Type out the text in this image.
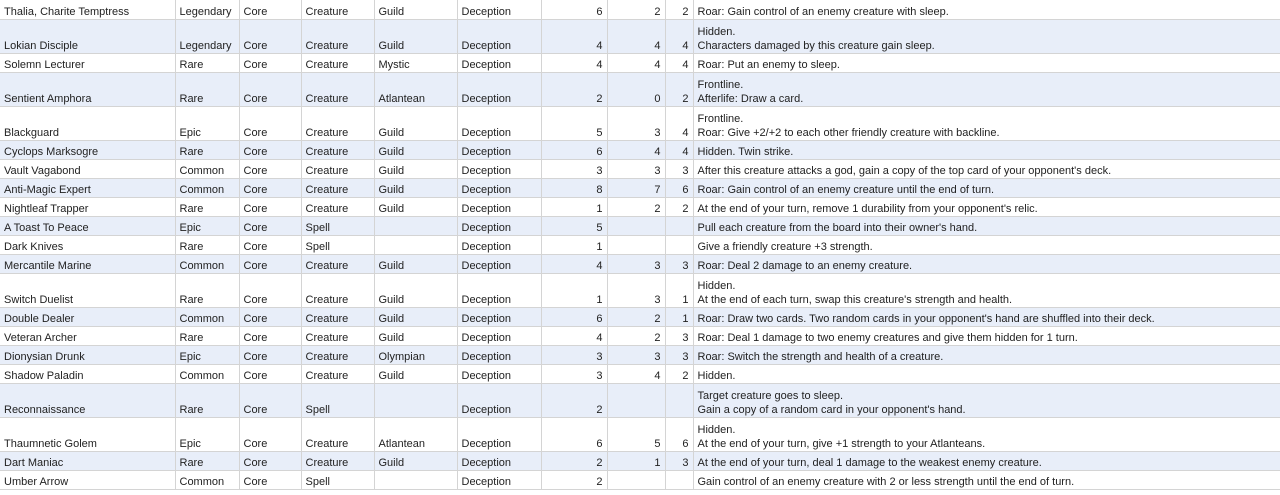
Thalia, Charite Temptress	Legendary	Core	Creature	Guild	Deception	6	2	2	Roar: Gain control of an enemy creature with sleep.
Lokian Disciple	Legendary	Core	Creature	Guild	Deception	4	4	4	Hidden.
Characters damaged by this creature gain sleep.
Solemn Lecturer	Rare	Core	Creature	Mystic	Deception	4	4	4	Roar: Put an enemy to sleep.
Sentient Amphora	Rare	Core	Creature	Atlantean	Deception	2	0	2	Frontline.
Afterlife: Draw a card.
Blackguard	Epic	Core	Creature	Guild	Deception	5	3	4	Frontline.
Roar: Give +2/+2 to each other friendly creature with backline.
Cyclops Marksogre	Rare	Core	Creature	Guild	Deception	6	4	4	Hidden. Twin strike.
Vault Vagabond	Common	Core	Creature	Guild	Deception	3	3	3	After this creature attacks a god, gain a copy of the top card of your opponent's deck.
Anti-Magic Expert	Common	Core	Creature	Guild	Deception	8	7	6	Roar: Gain control of an enemy creature until the end of turn.
Nightleaf Trapper	Rare	Core	Creature	Guild	Deception	1	2	2	At the end of your turn, remove 1 durability from your opponent's relic.
A Toast To Peace	Epic	Core	Spell		Deception	5			Pull each creature from the board into their owner's hand.
Dark Knives	Rare	Core	Spell		Deception	1			Give a friendly creature +3 strength.
Mercantile Marine	Common	Core	Creature	Guild	Deception	4	3	3	Roar: Deal 2 damage to an enemy creature.
Switch Duelist	Rare	Core	Creature	Guild	Deception	1	3	1	Hidden.
At the end of each turn, swap this creature's strength and health.
Double Dealer	Common	Core	Creature	Guild	Deception	6	2	1	Roar: Draw two cards. Two random cards in your opponent's hand are shuffled into their deck.
Veteran Archer	Rare	Core	Creature	Guild	Deception	4	2	3	Roar: Deal 1 damage to two enemy creatures and give them hidden for 1 turn.
Dionysian Drunk	Epic	Core	Creature	Olympian	Deception	3	3	3	Roar: Switch the strength and health of a creature.
Shadow Paladin	Common	Core	Creature	Guild	Deception	3	4	2	Hidden.
Reconnaissance	Rare	Core	Spell		Deception	2			Target creature goes to sleep.
Gain a copy of a random card in your opponent's hand.
Thaumnetic Golem	Epic	Core	Creature	Atlantean	Deception	6	5	6	Hidden.
At the end of your turn, give +1 strength to your Atlanteans.
Dart Maniac	Rare	Core	Creature	Guild	Deception	2	1	3	At the end of your turn, deal 1 damage to the weakest enemy creature.
Umber Arrow	Common	Core	Spell		Deception	2			Gain control of an enemy creature with 2 or less strength until the end of turn.
